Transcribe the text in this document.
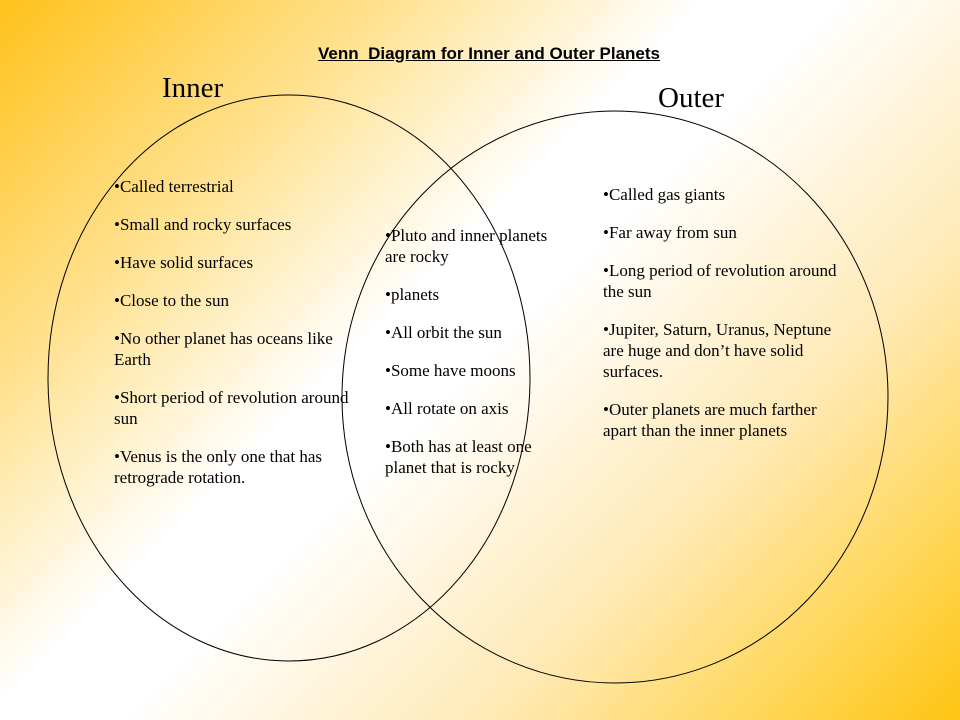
Venn  Diagram for Inner and Outer Planets
Inner	Outer
• Called terrestrial
• Small and rocky surfaces
• Have solid surfaces
• Close to the sun
• No other planet has oceans like Earth
• Short period of revolution around sun
• Venus is the only one that has retrograde rotation.
• Pluto and inner planets are rocky
• planets
• All orbit the sun
• Some have moons
• All rotate on axis
• Both has at least one planet that is rocky
• Called gas giants
• Far away from sun
• Long period of revolution around the sun
• Jupiter, Saturn, Uranus, Neptune are huge and don’t have solid surfaces.
• Outer planets are much farther apart than the inner planets
